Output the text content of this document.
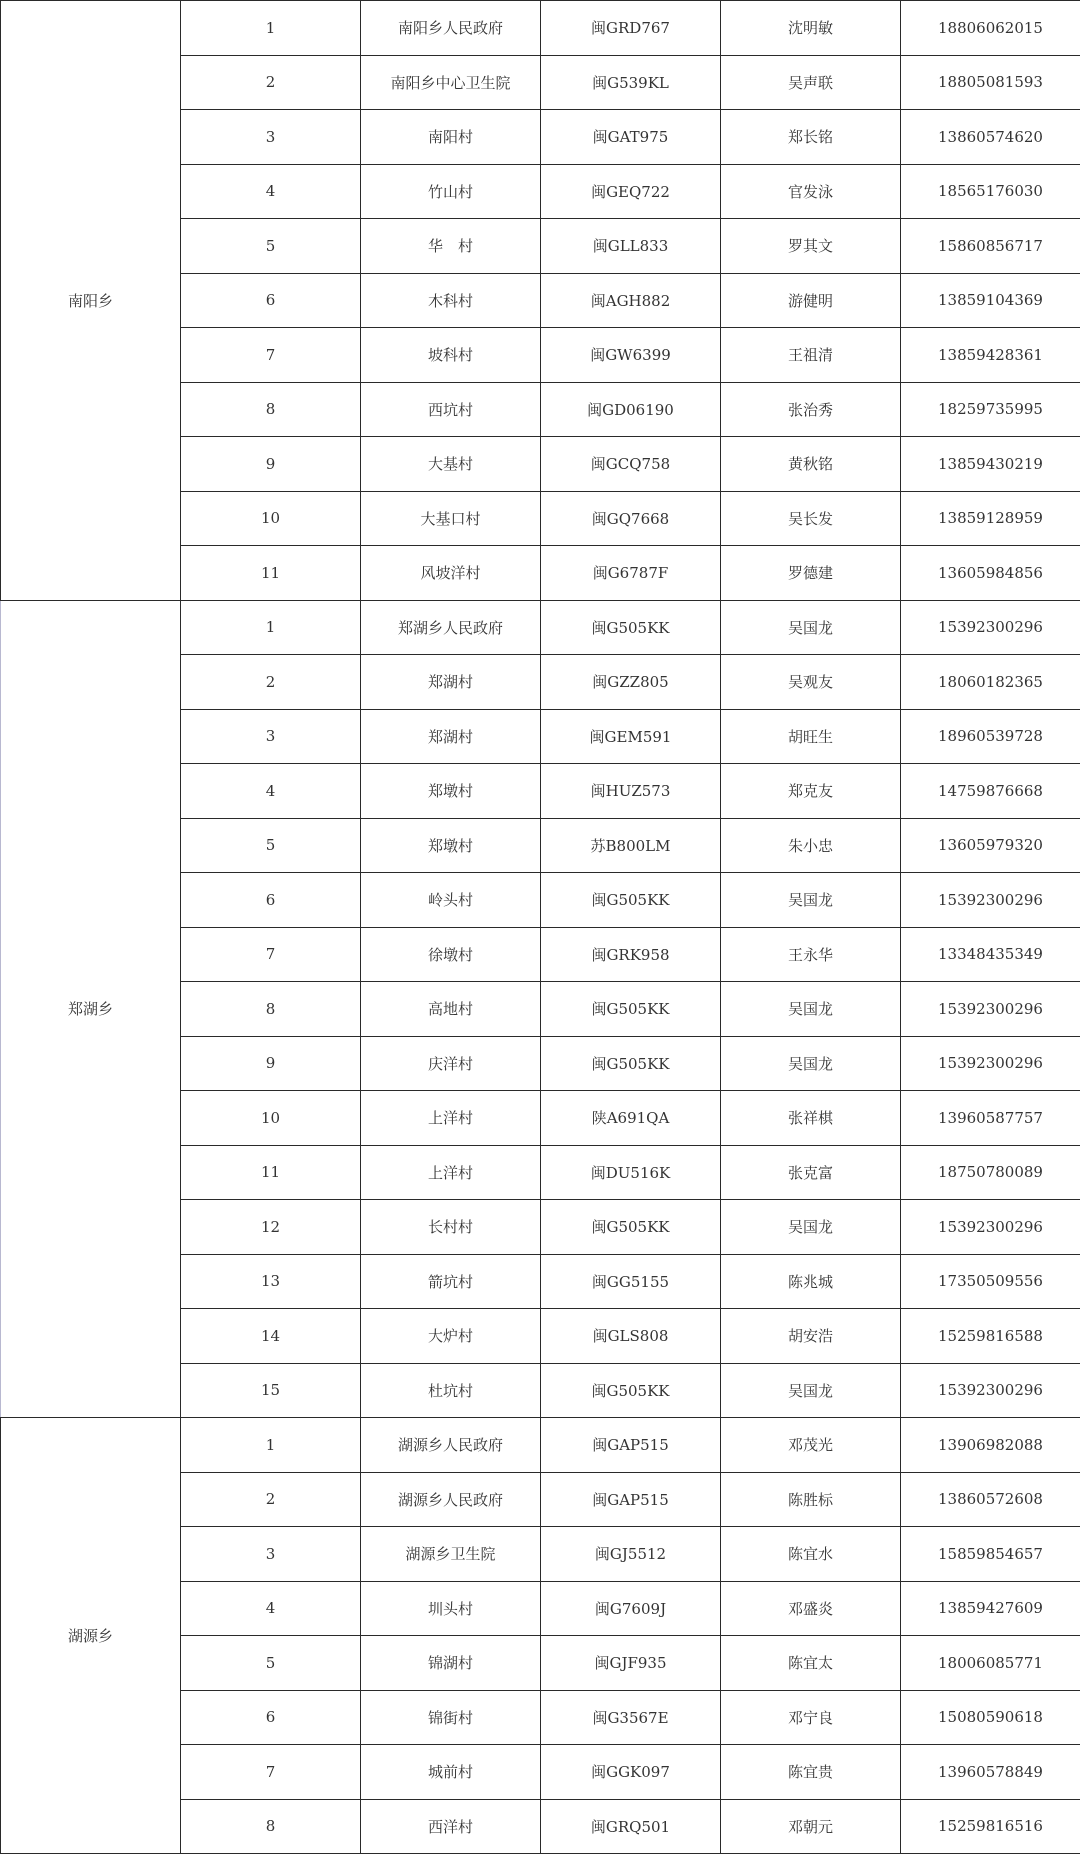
南阳乡	1	南阳乡人民政府	闽GRD767	沈明敏	18806062015
	2	南阳乡中心卫生院	闽G539KL	吴声联	18805081593
	3	南阳村	闽GAT975	郑长铭	13860574620
	4	竹山村	闽GEQ722	官发泳	18565176030
	5	华　村	闽GLL833	罗其文	15860856717
	6	木科村	闽AGH882	游健明	13859104369
	7	坡科村	闽GW6399	王祖清	13859428361
	8	西坑村	闽GD06190	张治秀	18259735995
	9	大基村	闽GCQ758	黄秋铭	13859430219
	10	大基口村	闽GQ7668	吴长发	13859128959
	11	风坡洋村	闽G6787F	罗德建	13605984856
郑湖乡	1	郑湖乡人民政府	闽G505KK	吴国龙	15392300296
	2	郑湖村	闽GZZ805	吴观友	18060182365
	3	郑湖村	闽GEM591	胡旺生	18960539728
	4	郑墩村	闽HUZ573	郑克友	14759876668
	5	郑墩村	苏B800LM	朱小忠	13605979320
	6	岭头村	闽G505KK	吴国龙	15392300296
	7	徐墩村	闽GRK958	王永华	13348435349
	8	高地村	闽G505KK	吴国龙	15392300296
	9	庆洋村	闽G505KK	吴国龙	15392300296
	10	上洋村	陕A691QA	张祥棋	13960587757
	11	上洋村	闽DU516K	张克富	18750780089
	12	长村村	闽G505KK	吴国龙	15392300296
	13	箭坑村	闽GG5155	陈兆城	17350509556
	14	大炉村	闽GLS808	胡安浩	15259816588
	15	杜坑村	闽G505KK	吴国龙	15392300296
湖源乡	1	湖源乡人民政府	闽GAP515	邓茂光	13906982088
	2	湖源乡人民政府	闽GAP515	陈胜标	13860572608
	3	湖源乡卫生院	闽GJ5512	陈宜水	15859854657
	4	圳头村	闽G7609J	邓盛炎	13859427609
	5	锦湖村	闽GJF935	陈宜太	18006085771
	6	锦街村	闽G3567E	邓宁良	15080590618
	7	城前村	闽GGK097	陈宜贵	13960578849
	8	西洋村	闽GRQ501	邓朝元	15259816516
